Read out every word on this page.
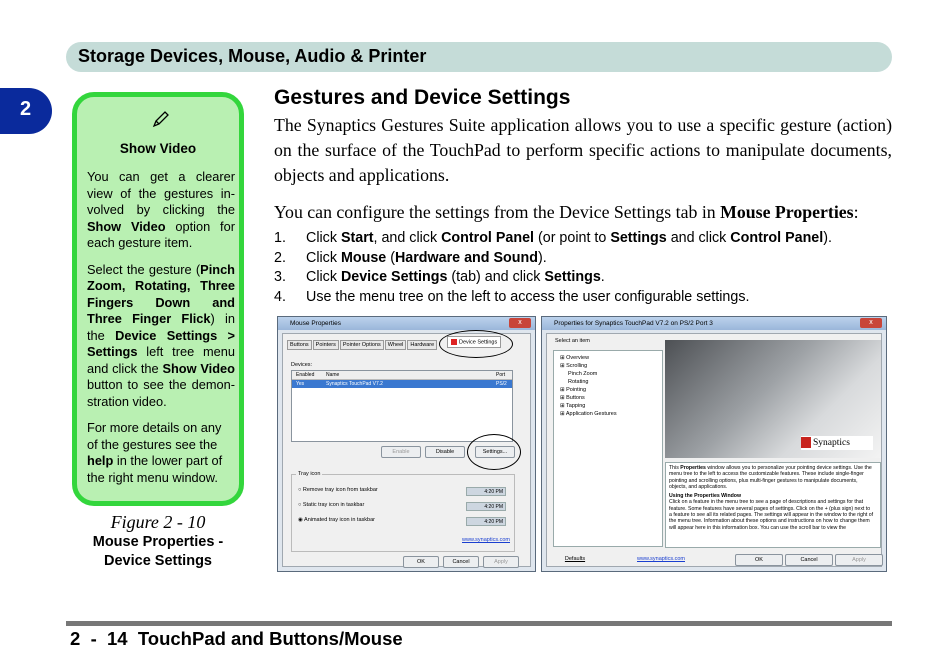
Storage Devices, Mouse, Audio & Printer
2
Show Video

You can get a clearer view of the gestures involved by clicking the Show Video option for each gesture item.

Select the gesture (Pinch Zoom, Rotating, Three Fingers Down and Three Finger Flick) in the Device Settings > Settings left tree menu and click the Show Video button to see the demonstration video.

For more details on any of the gestures see the help in the lower part of the right menu window.

Figure 2 - 10
Mouse Properties -
Device Settings
Gestures and Device Settings
The Synaptics Gestures Suite application allows you to use a specific gesture (action) on the surface of the TouchPad to perform specific actions to manipulate documents, objects and applications.
You can configure the settings from the Device Settings tab in Mouse Properties:
1. Click Start, and click Control Panel (or point to Settings and click Control Panel).
2. Click Mouse (Hardware and Sound).
3. Click Device Settings (tab) and click Settings.
4. Use the menu tree on the left to access the user configurable settings.
Mouse Properties	x
Buttons Pointers Pointer Options Wheel Hardware	Device Settings
Devices:
Enabled Name	Port
Yes	Synaptics TouchPad V7.2	PS/2
Enable	Disable	Settings...
Tray icon
○ Remove tray icon from taskbar
○ Static tray icon in taskbar
◉ Animated tray icon in taskbar
4:20 PM
4:20 PM
4:20 PM
www.synaptics.com
OK	Cancel	Apply
Properties for Synaptics TouchPad V7.2 on PS/2 Port 3	x
Select an item
⊞ Overview
⊞ Scrolling
Pinch Zoom
Rotating
⊞ Pointing
⊞ Buttons
⊞ Tapping
⊞ Application Gestures
Synaptics

This Properties window allows you to personalize your pointing device settings. Use the menu tree to the left to access the customizable features. These include single-finger pointing and scrolling options, plus multi-finger gestures to manipulate documents, objects, and applications.

Using the Properties Window

Click on a feature in the menu tree to see a page of descriptions and settings for that feature. Some features have several pages of settings. Click on the + (plus sign) next to a feature to see all its related pages. The settings will appear in the window to the right of the menu tree. Information about these options and instructions on how to change them will appear here in this information box. You can use the scroll bar to view the

Defaults	www.synaptics.com	OK	Cancel	Apply
2  -  14  TouchPad and Buttons/Mouse
